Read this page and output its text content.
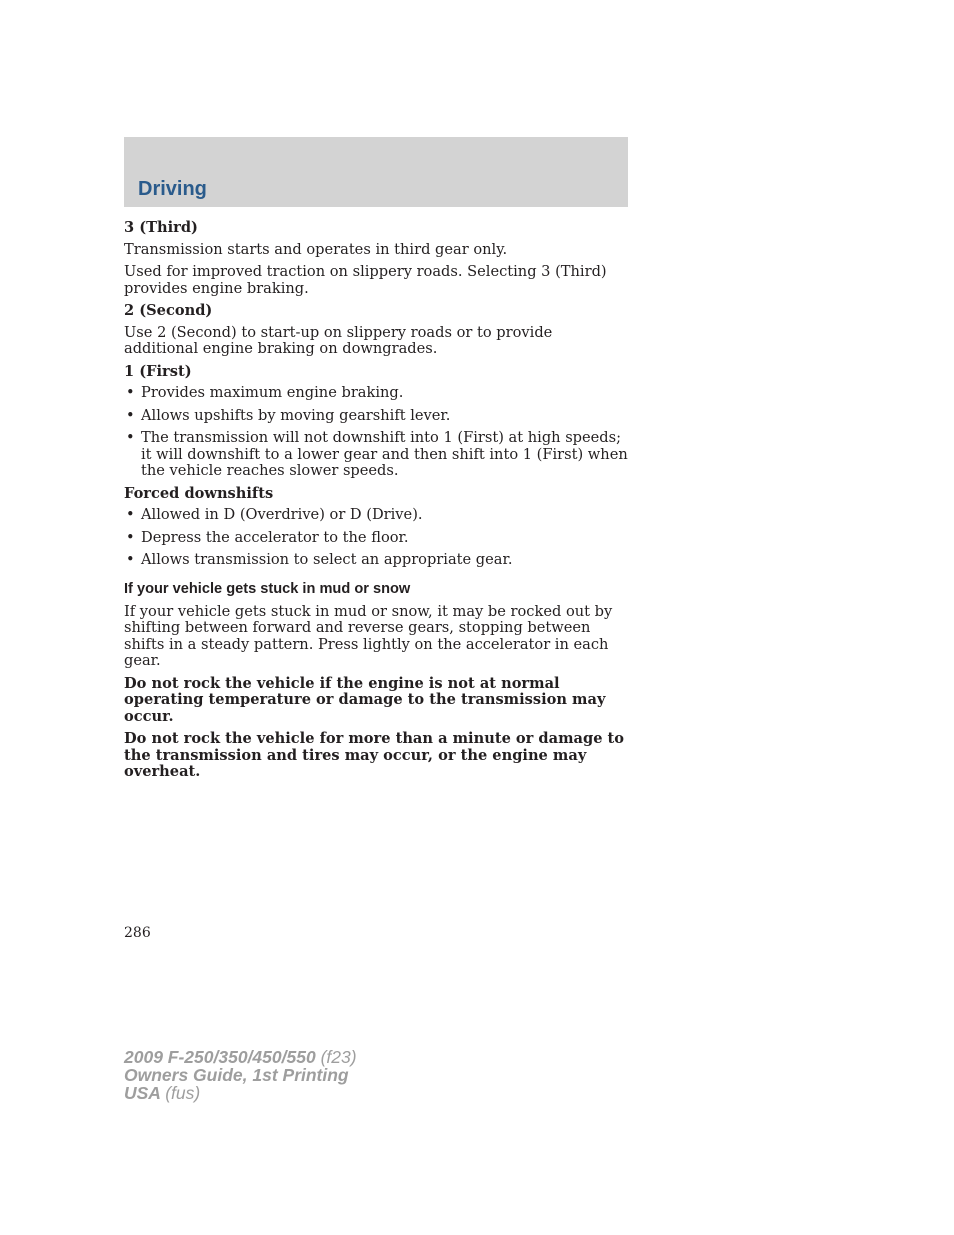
Driving

3 (Third)

Transmission starts and operates in third gear only.

Used for improved traction on slippery roads. Selecting 3 (Third) provides engine braking.

2 (Second)

Use 2 (Second) to start-up on slippery roads or to provide additional engine braking on downgrades.

1 (First)

• Provides maximum engine braking.
• Allows upshifts by moving gearshift lever.
• The transmission will not downshift into 1 (First) at high speeds; it will downshift to a lower gear and then shift into 1 (First) when the vehicle reaches slower speeds.

Forced downshifts

• Allowed in D (Overdrive) or D (Drive).
• Depress the accelerator to the floor.
• Allows transmission to select an appropriate gear.
If your vehicle gets stuck in mud or snow

If your vehicle gets stuck in mud or snow, it may be rocked out by shifting between forward and reverse gears, stopping between shifts in a steady pattern. Press lightly on the accelerator in each gear.

Do not rock the vehicle if the engine is not at normal operating temperature or damage to the transmission may occur.

Do not rock the vehicle for more than a minute or damage to the transmission and tires may occur, or the engine may overheat.

286
2009 F-250/350/450/550 (f23)
Owners Guide, 1st Printing
USA (fus)
